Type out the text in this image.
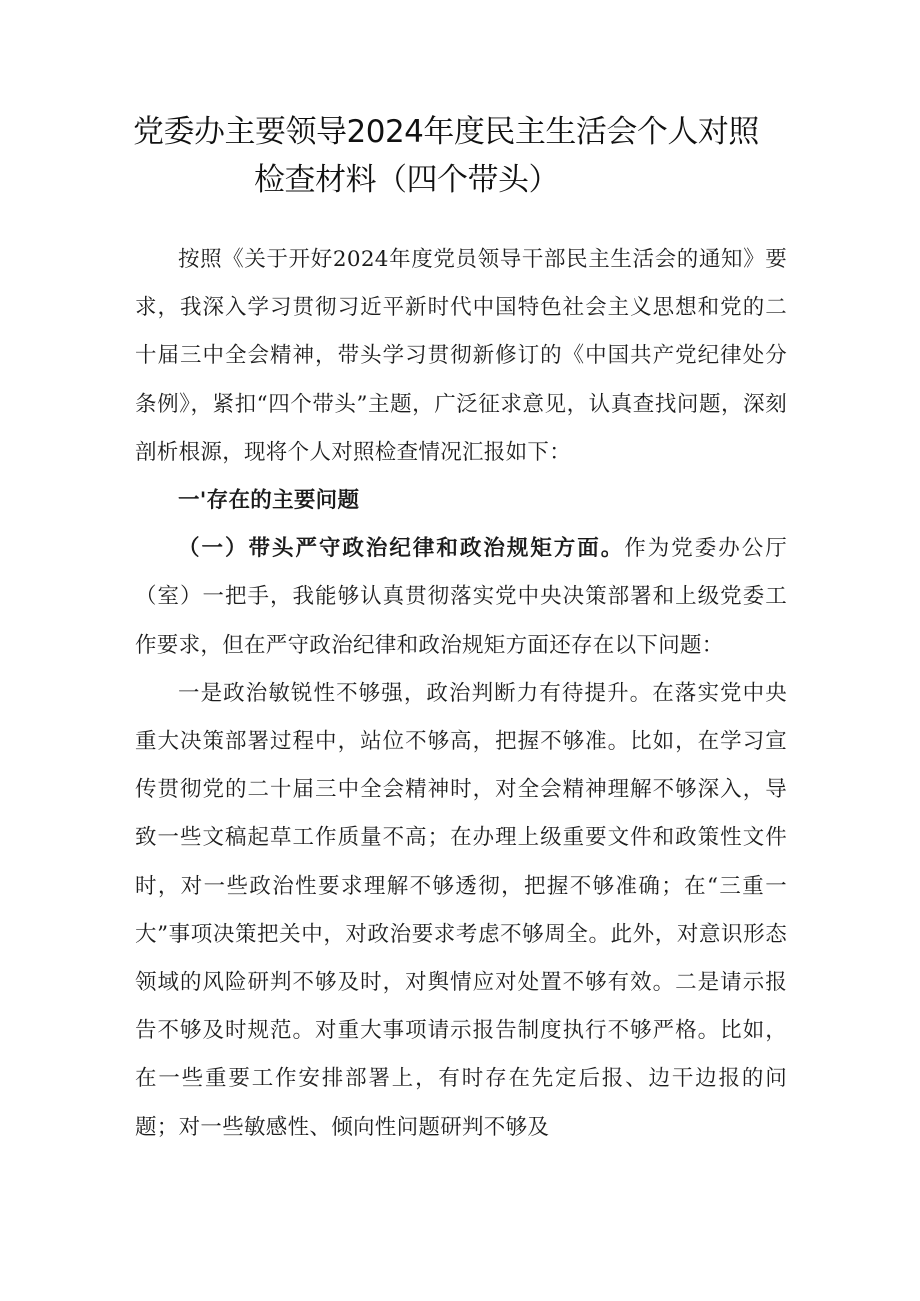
党委办主要领导2024年度民主生活会个人对照
检查材料（四个带头）

按照《关于开好2024年度党员领导干部民主生活会的通知》要求，我深入学习贯彻习近平新时代中国特色社会主义思想和党的二十届三中全会精神，带头学习贯彻新修订的《中国共产党纪律处分条例》，紧扣“四个带头”主题，广泛征求意见，认真查找问题，深刻剖析根源，现将个人对照检查情况汇报如下：

一'存在的主要问题

（一）带头严守政治纪律和政治规矩方面。作为党委办公厅（室）一把手，我能够认真贯彻落实党中央决策部署和上级党委工作要求，但在严守政治纪律和政治规矩方面还存在以下问题：

一是政治敏锐性不够强，政治判断力有待提升。在落实党中央重大决策部署过程中，站位不够高，把握不够准。比如，在学习宣传贯彻党的二十届三中全会精神时，对全会精神理解不够深入，导致一些文稿起草工作质量不高；在办理上级重要文件和政策性文件时，对一些政治性要求理解不够透彻，把握不够准确；在“三重一大”事项决策把关中，对政治要求考虑不够周全。此外，对意识形态领域的风险研判不够及时，对舆情应对处置不够有效。二是请示报告不够及时规范。对重大事项请示报告制度执行不够严格。比如，在一些重要工作安排部署上，有时存在先定后报、边干边报的问题；对一些敏感性、倾向性问题研判不够及
